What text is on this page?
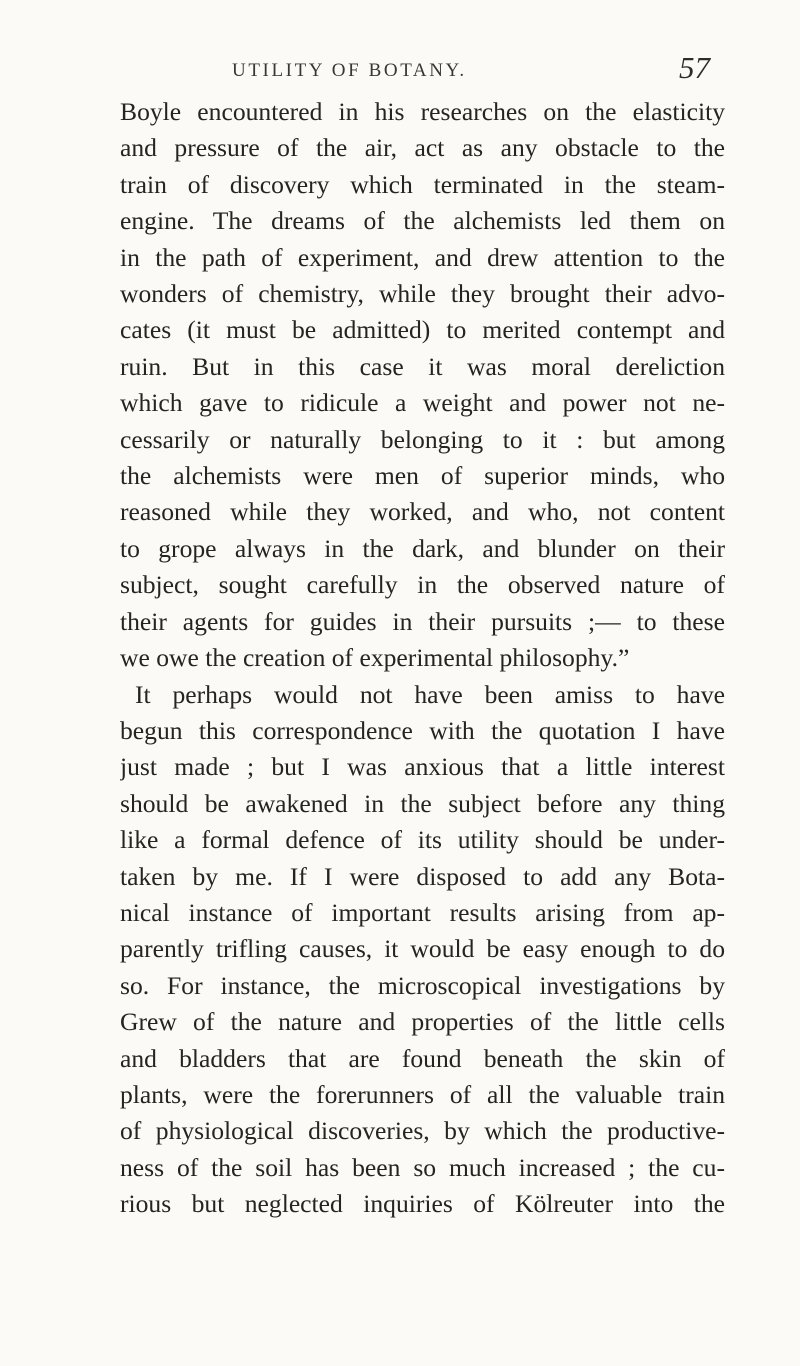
UTILITY OF BOTANY.	57
Boyle encountered in his researches on the elasticity
and pressure of the air, act as any obstacle to the
train of discovery which terminated in the steam-
engine. The dreams of the alchemists led them on
in the path of experiment, and drew attention to the
wonders of chemistry, while they brought their advo-
cates (it must be admitted) to merited contempt and
ruin. But in this case it was moral dereliction
which gave to ridicule a weight and power not ne-
cessarily or naturally belonging to it : but among
the alchemists were men of superior minds, who
reasoned while they worked, and who, not content
to grope always in the dark, and blunder on their
subject, sought carefully in the observed nature of
their agents for guides in their pursuits ;— to these
we owe the creation of experimental philosophy.”
It perhaps would not have been amiss to have
begun this correspondence with the quotation I have
just made ; but I was anxious that a little interest
should be awakened in the subject before any thing
like a formal defence of its utility should be under-
taken by me. If I were disposed to add any Bota-
nical instance of important results arising from ap-
parently trifling causes, it would be easy enough to do
so. For instance, the microscopical investigations by
Grew of the nature and properties of the little cells
and bladders that are found beneath the skin of
plants, were the forerunners of all the valuable train
of physiological discoveries, by which the productive-
ness of the soil has been so much increased ; the cu-
rious but neglected inquiries of Kölreuter into the
